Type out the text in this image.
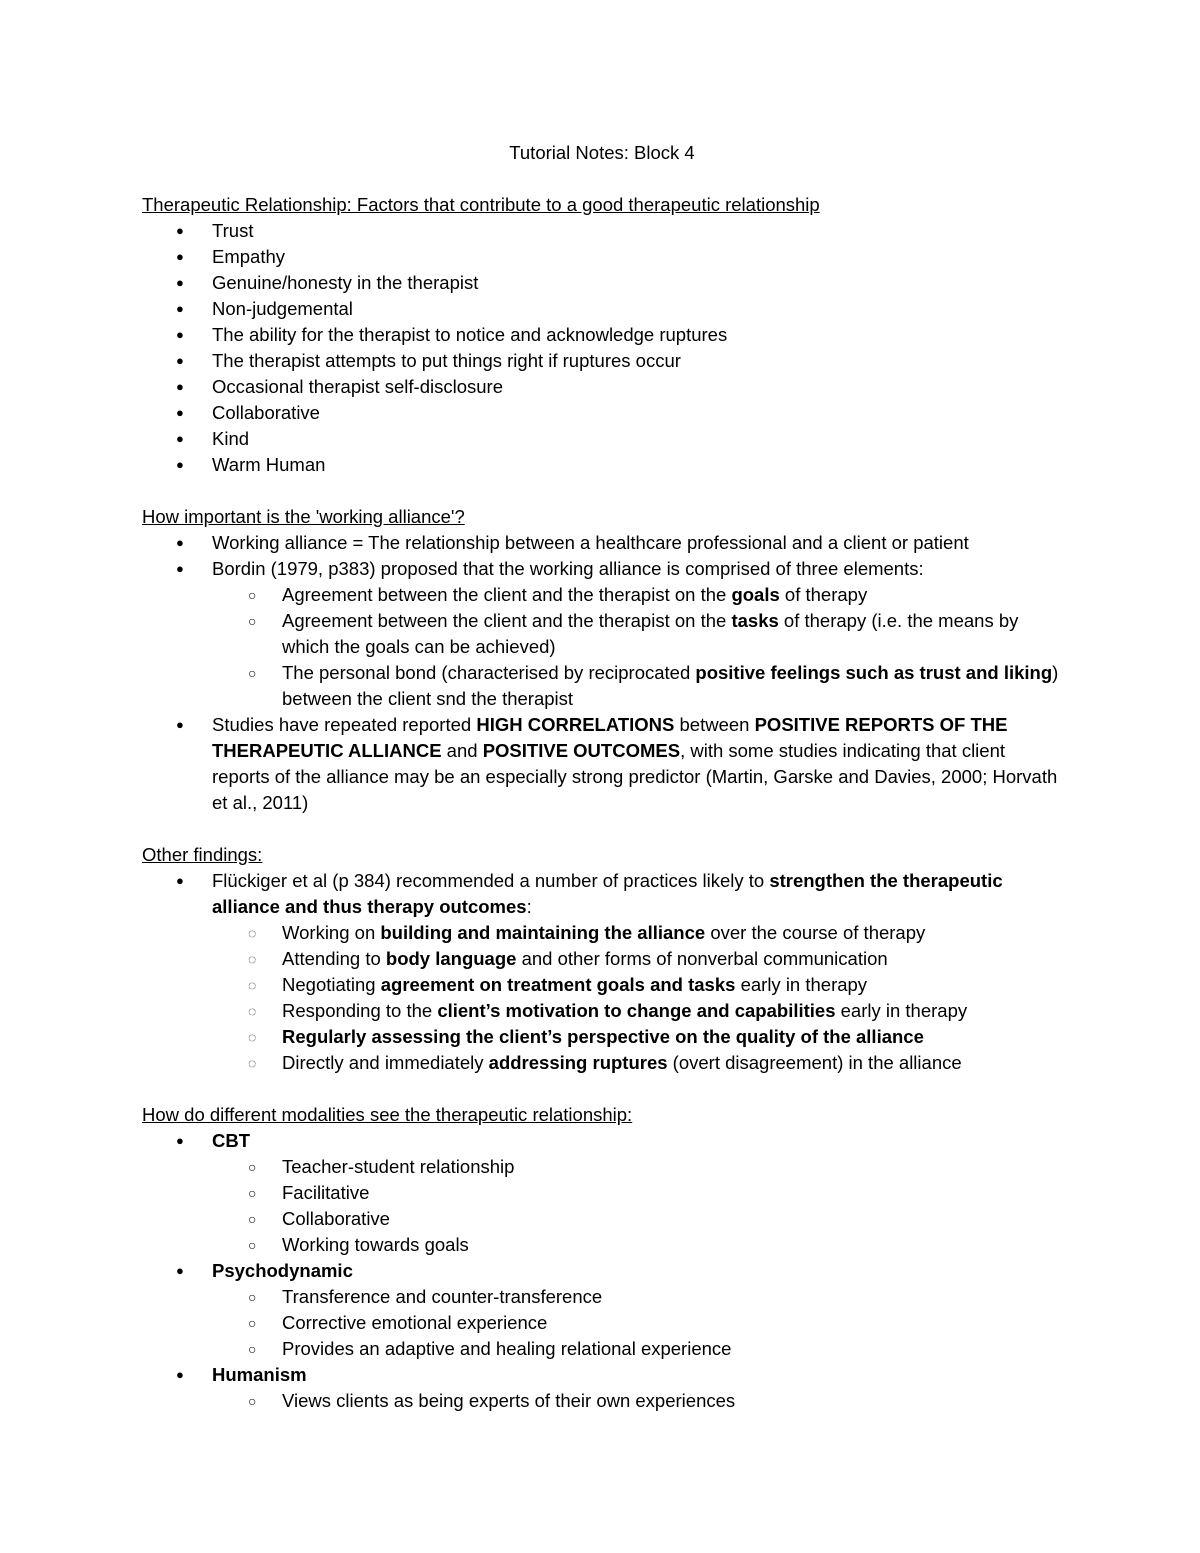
Tutorial Notes: Block 4
Therapeutic Relationship: Factors that contribute to a good therapeutic relationship
● Trust
● Empathy
● Genuine/honesty in the therapist
● Non-judgemental
● The ability for the therapist to notice and acknowledge ruptures
● The therapist attempts to put things right if ruptures occur
● Occasional therapist self-disclosure
● Collaborative
● Kind
● Warm Human
How important is the 'working alliance'?
● Working alliance = The relationship between a healthcare professional and a client or patient
● Bordin (1979, p383) proposed that the working alliance is comprised of three elements:
○ Agreement between the client and the therapist on the goals of therapy
○ Agreement between the client and the therapist on the tasks of therapy (i.e. the means by which the goals can be achieved)
○ The personal bond (characterised by reciprocated positive feelings such as trust and liking) between the client snd the therapist
● Studies have repeated reported HIGH CORRELATIONS between POSITIVE REPORTS OF THE THERAPEUTIC ALLIANCE and POSITIVE OUTCOMES, with some studies indicating that client reports of the alliance may be an especially strong predictor (Martin, Garske and Davies, 2000; Horvath et al., 2011)
Other findings:
● Flückiger et al (p 384) recommended a number of practices likely to strengthen the therapeutic alliance and thus therapy outcomes:
◌ Working on building and maintaining the alliance over the course of therapy
◌ Attending to body language and other forms of nonverbal communication
◌ Negotiating agreement on treatment goals and tasks early in therapy
◌ Responding to the client’s motivation to change and capabilities early in therapy
◌ Regularly assessing the client’s perspective on the quality of the alliance
◌ Directly and immediately addressing ruptures (overt disagreement) in the alliance
How do different modalities see the therapeutic relationship:
● CBT
○ Teacher-student relationship
○ Facilitative
○ Collaborative
○ Working towards goals
● Psychodynamic
○ Transference and counter-transference
○ Corrective emotional experience
○ Provides an adaptive and healing relational experience
● Humanism
○ Views clients as being experts of their own experiences
